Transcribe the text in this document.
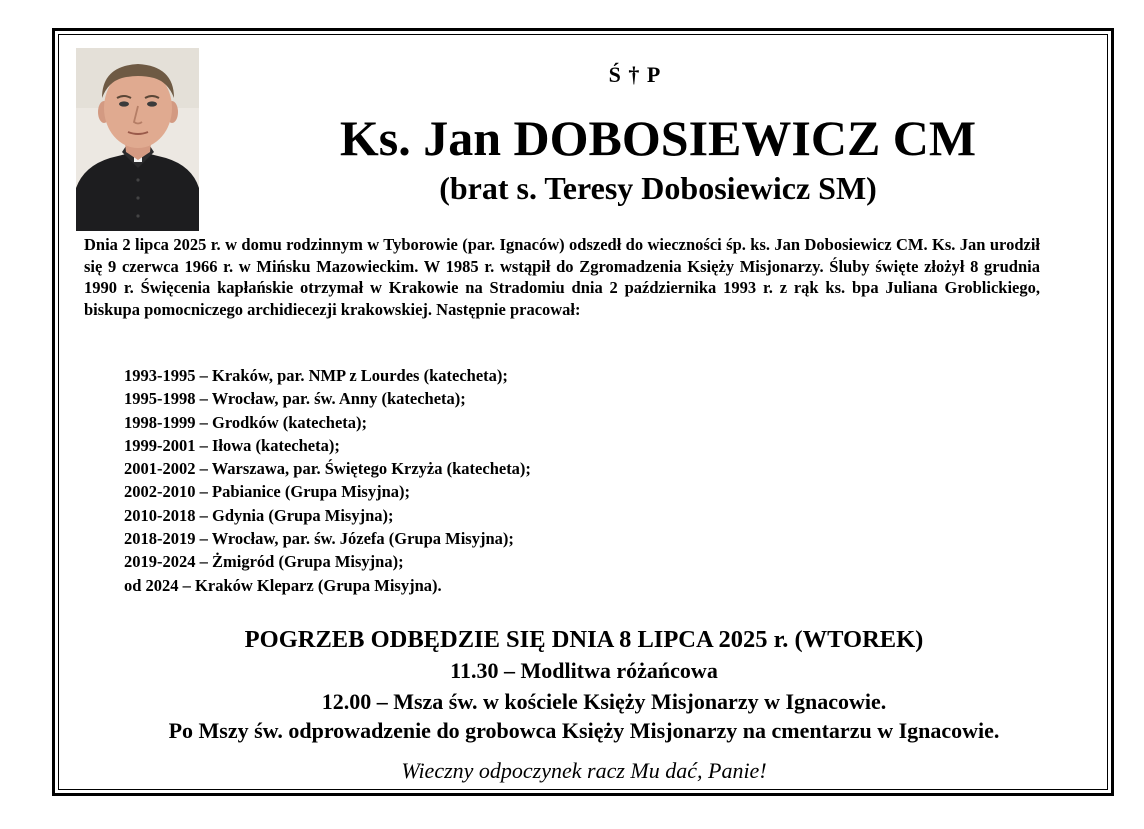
Ś † P
Ks. Jan DOBOSIEWICZ CM
(brat s. Teresy Dobosiewicz SM)

Dnia 2 lipca 2025 r. w domu rodzinnym w Tyborowie (par. Ignaców) odszedł do wieczności śp. ks. Jan Dobosiewicz CM. Ks. Jan urodził się 9 czerwca 1966 r. w Mińsku Mazowieckim. W 1985 r. wstąpił do Zgromadzenia Księży Misjonarzy. Śluby święte złożył 8 grudnia 1990 r. Święcenia kapłańskie otrzymał w Krakowie na Stradomiu dnia 2 października 1993 r. z rąk ks. bpa Juliana Groblickiego, biskupa pomocniczego archidiecezji krakowskiej. Następnie pracował:

1993-1995 – Kraków, par. NMP z Lourdes (katecheta);
1995-1998 – Wrocław, par. św. Anny (katecheta);
1998-1999 – Grodków (katecheta);
1999-2001 – Iłowa (katecheta);
2001-2002 – Warszawa, par. Świętego Krzyża (katecheta);
2002-2010 – Pabianice (Grupa Misyjna);
2010-2018 – Gdynia (Grupa Misyjna);
2018-2019 – Wrocław, par. św. Józefa (Grupa Misyjna);
2019-2024 – Żmigród (Grupa Misyjna);
od 2024 – Kraków Kleparz (Grupa Misyjna).
POGRZEB ODBĘDZIE SIĘ DNIA 8 LIPCA 2025 r. (WTOREK)
11.30 – Modlitwa różańcowa
12.00 – Msza św. w kościele Księży Misjonarzy w Ignacowie.
Po Mszy św. odprowadzenie do grobowca Księży Misjonarzy na cmentarzu w Ignacowie.
Wieczny odpoczynek racz Mu dać, Panie!
